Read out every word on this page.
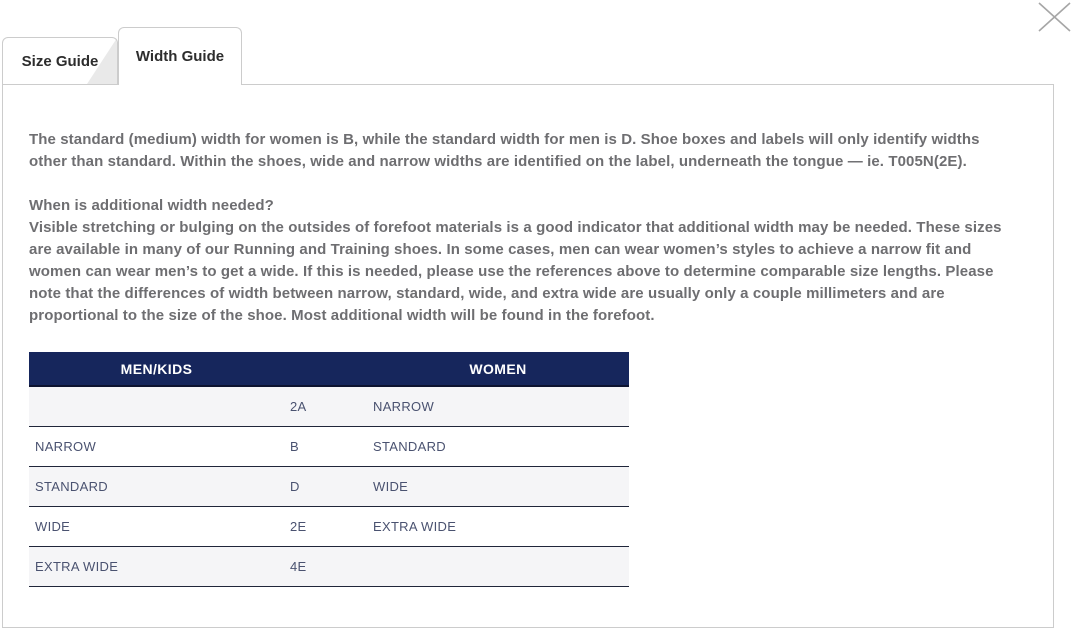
Size Guide	Width Guide

The standard (medium) width for women is B, while the standard width for men is D. Shoe boxes and labels will only identify widths other than standard. Within the shoes, wide and narrow widths are identified on the label, underneath the tongue — ie. T005N(2E).

When is additional width needed?
Visible stretching or bulging on the outsides of forefoot materials is a good indicator that additional width may be needed. These sizes are available in many of our Running and Training shoes. In some cases, men can wear women’s styles to achieve a narrow fit and women can wear men’s to get a wide. If this is needed, please use the references above to determine comparable size lengths. Please note that the differences of width between narrow, standard, wide, and extra wide are usually only a couple millimeters and are proportional to the size of the shoe. Most additional width will be found in the forefoot.

MEN/KIDS		WOMEN
	2A	NARROW
NARROW	B	STANDARD
STANDARD	D	WIDE
WIDE	2E	EXTRA WIDE
EXTRA WIDE	4E	
